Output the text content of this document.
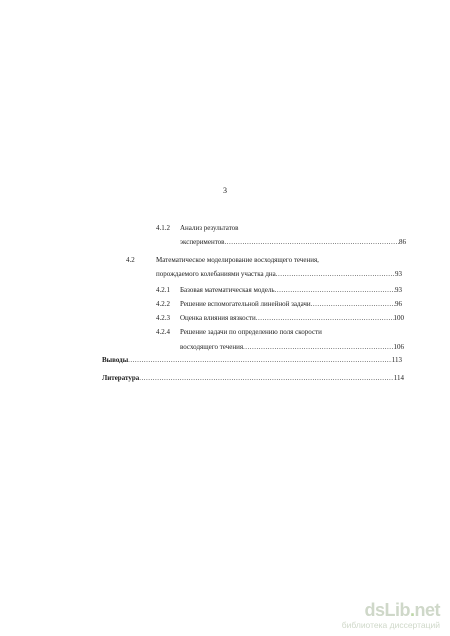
3
4.1.2 Анализ результатов
экспериментов .....	86
4.2	Математическое моделирование восходящего течения,
порождаемого колебаниями участка дна .....	93
4.2.1 Базовая математическая модель .....	93
4.2.2 Решение вспомогательной линейной задачи .....	96
4.2.3 Оценка влияния вязкости .....	100
4.2.4 Решение задачи по определению поля скорости
восходящего течения .....	106
Выводы .....	113
Литература .....	114
dsLib.net
библиотека диссертаций
